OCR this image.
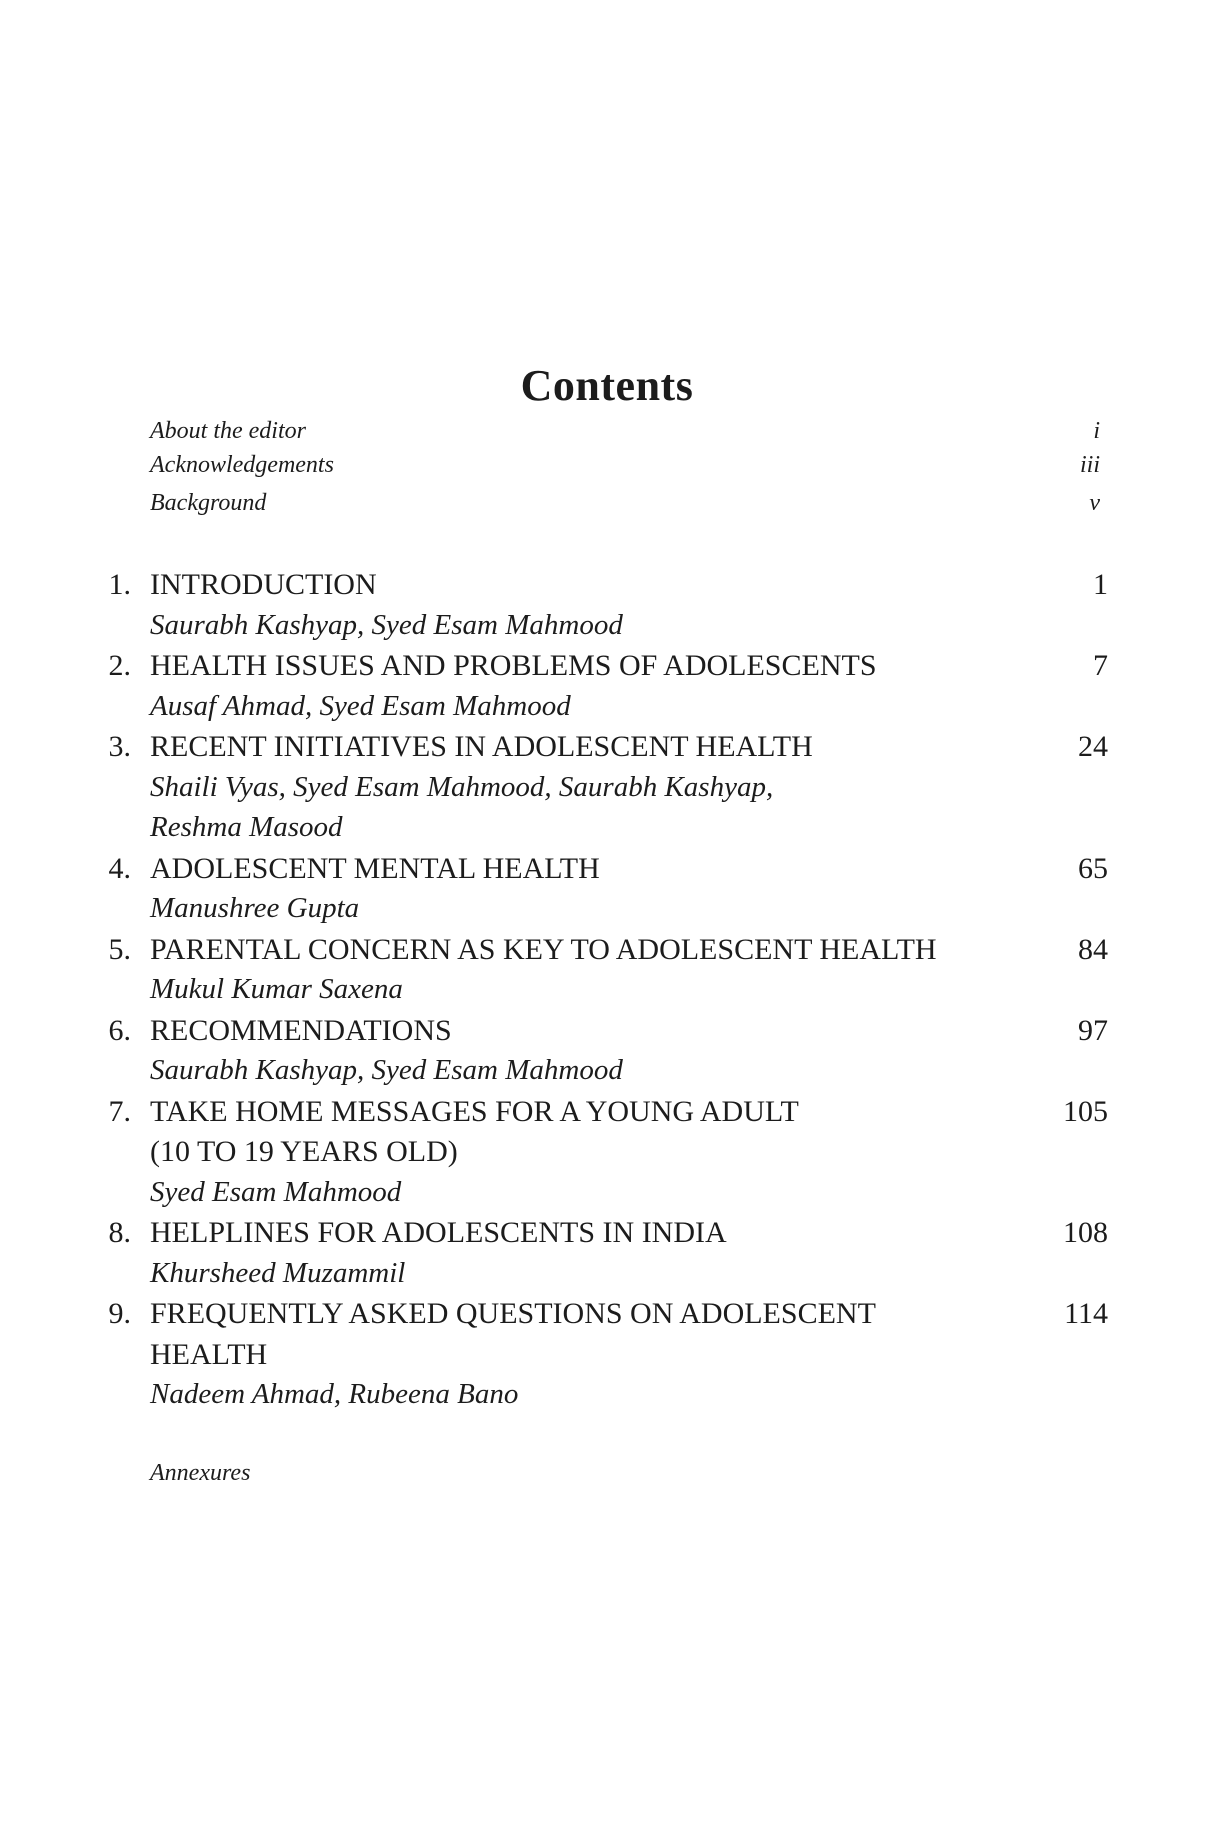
Contents
About the editor	i
Acknowledgements	iii
Background	v
1. INTRODUCTION	1
Saurabh Kashyap, Syed Esam Mahmood
2. HEALTH ISSUES AND PROBLEMS OF ADOLESCENTS	7
Ausaf Ahmad, Syed Esam Mahmood
3. RECENT INITIATIVES IN ADOLESCENT HEALTH	24
Shaili Vyas, Syed Esam Mahmood, Saurabh Kashyap,
Reshma Masood
4. ADOLESCENT MENTAL HEALTH	65
Manushree Gupta
5. PARENTAL CONCERN AS KEY TO ADOLESCENT HEALTH	84
Mukul Kumar Saxena
6. RECOMMENDATIONS	97
Saurabh Kashyap, Syed Esam Mahmood
7. TAKE HOME MESSAGES FOR A YOUNG ADULT	105
(10 TO 19 YEARS OLD)
Syed Esam Mahmood
8. HELPLINES FOR ADOLESCENTS IN INDIA	108
Khursheed Muzammil
9. FREQUENTLY ASKED QUESTIONS ON ADOLESCENT	114
HEALTH
Nadeem Ahmad, Rubeena Bano
Annexures
